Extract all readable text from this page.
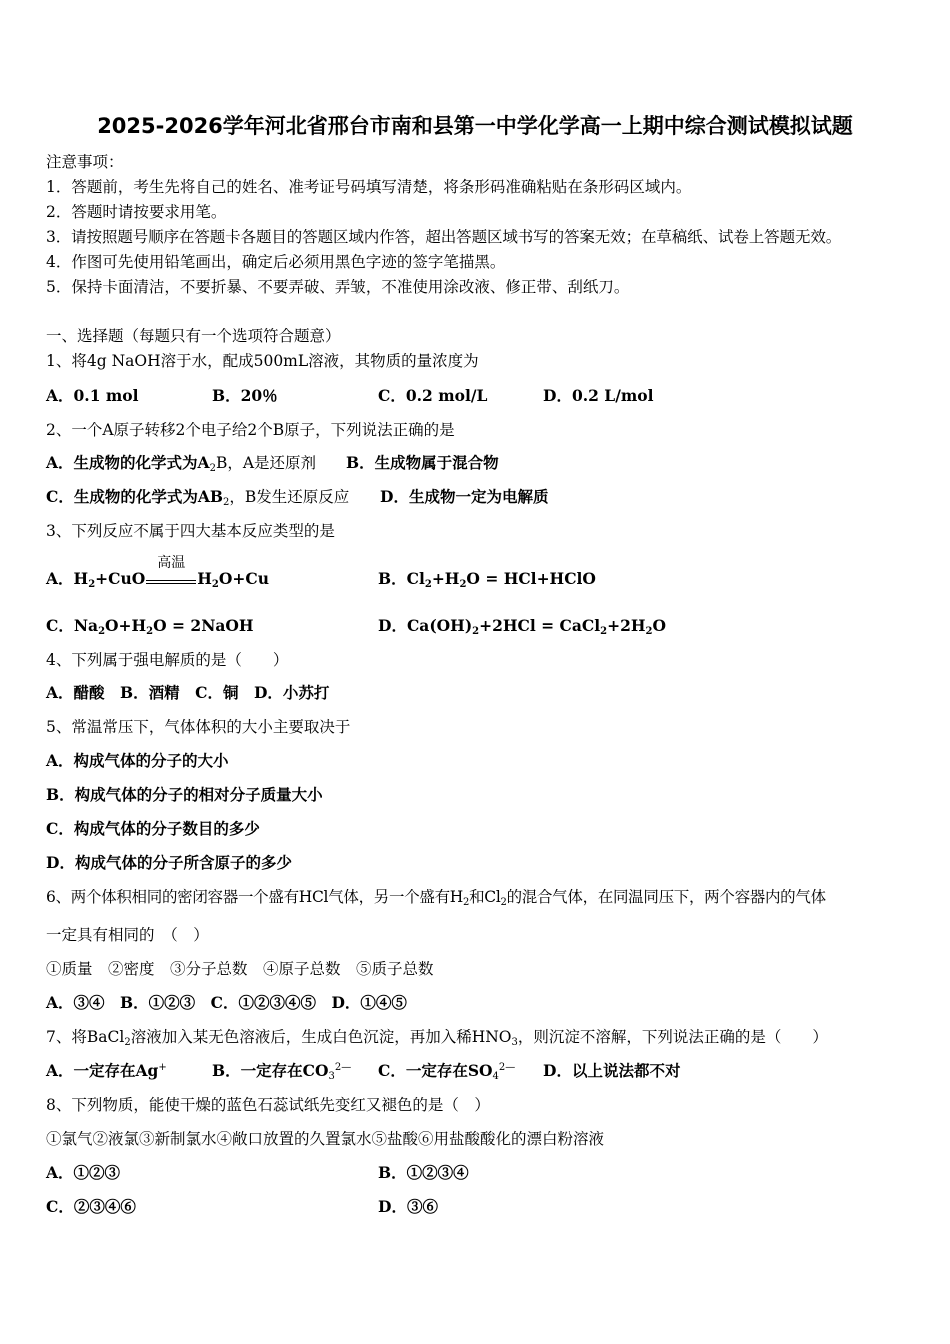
2025-2026学年河北省邢台市南和县第一中学化学高一上期中综合测试模拟试题
注意事项：
1．答题前，考生先将自己的姓名、准考证号码填写清楚，将条形码准确粘贴在条形码区域内。
2．答题时请按要求用笔。
3．请按照题号顺序在答题卡各题目的答题区域内作答，超出答题区域书写的答案无效；在草稿纸、试卷上答题无效。
4．作图可先使用铅笔画出，确定后必须用黑色字迹的签字笔描黑。
5．保持卡面清洁，不要折暴、不要弄破、弄皱，不准使用涂改液、修正带、刮纸刀。
一、选择题（每题只有一个选项符合题意）
1、将4g NaOH溶于水，配成500mL溶液，其物质的量浓度为
A．0.1 mol	B．20％	C．0.2 mol/L	D．0.2 L/mol
2、一个A原子转移2个电子给2个B原子，下列说法正确的是
A．生成物的化学式为$A_2B$，A是还原剂 B．生成物属于混合物
C．生成物的化学式为$AB_2$，B发生还原反应 D．生成物一定为电解质
3、下列反应不属于四大基本反应类型的是
A．$H_2+CuO$
高温
$H_2O+Cu$	B．$Cl_2+H_2O$ = HCl+HClO
C．$Na_2O+H_2O$ = 2NaOH	D．$Ca(OH)_2+2HCl$ = $CaCl_2+2H_2O$
4、下列属于强电解质的是（　　）
A．醋酸　B．酒精　C．铜　D．小苏打
5、常温常压下，气体体积的大小主要取决于
A．构成气体的分子的大小
B．构成气体的分子的相对分子质量大小
C．构成气体的分子数目的多少
D．构成气体的分子所含原子的多少
6、两个体积相同的密闭容器一个盛有HCl气体，另一个盛有$H_2$和$Cl_2$的混合气体，在同温同压下，两个容器内的气体
一定具有相同的　（　）
①质量　②密度　③分子总数　④原子总数　⑤质子总数
A．③④　B．①②③　C．①②③④⑤　D．①④⑤
7、将BaCl$_2$溶液加入某无色溶液后，生成白色沉淀，再加入稀$HNO_3$，则沉淀不溶解，下列说法正确的是（　　）
A．一定存在Ag+	B．一定存在$CO_3^{2—}$ C．一定存在$SO_4^{2—}$ D．以上说法都不对
8、下列物质，能使干燥的蓝色石蕊试纸先变红又褪色的是（　）
①氯气②液氯③新制氯水④敞口放置的久置氯水⑤盐酸⑥用盐酸酸化的漂白粉溶液
A．①②③	B．①②③④
C．②③④⑥	D．③⑥
